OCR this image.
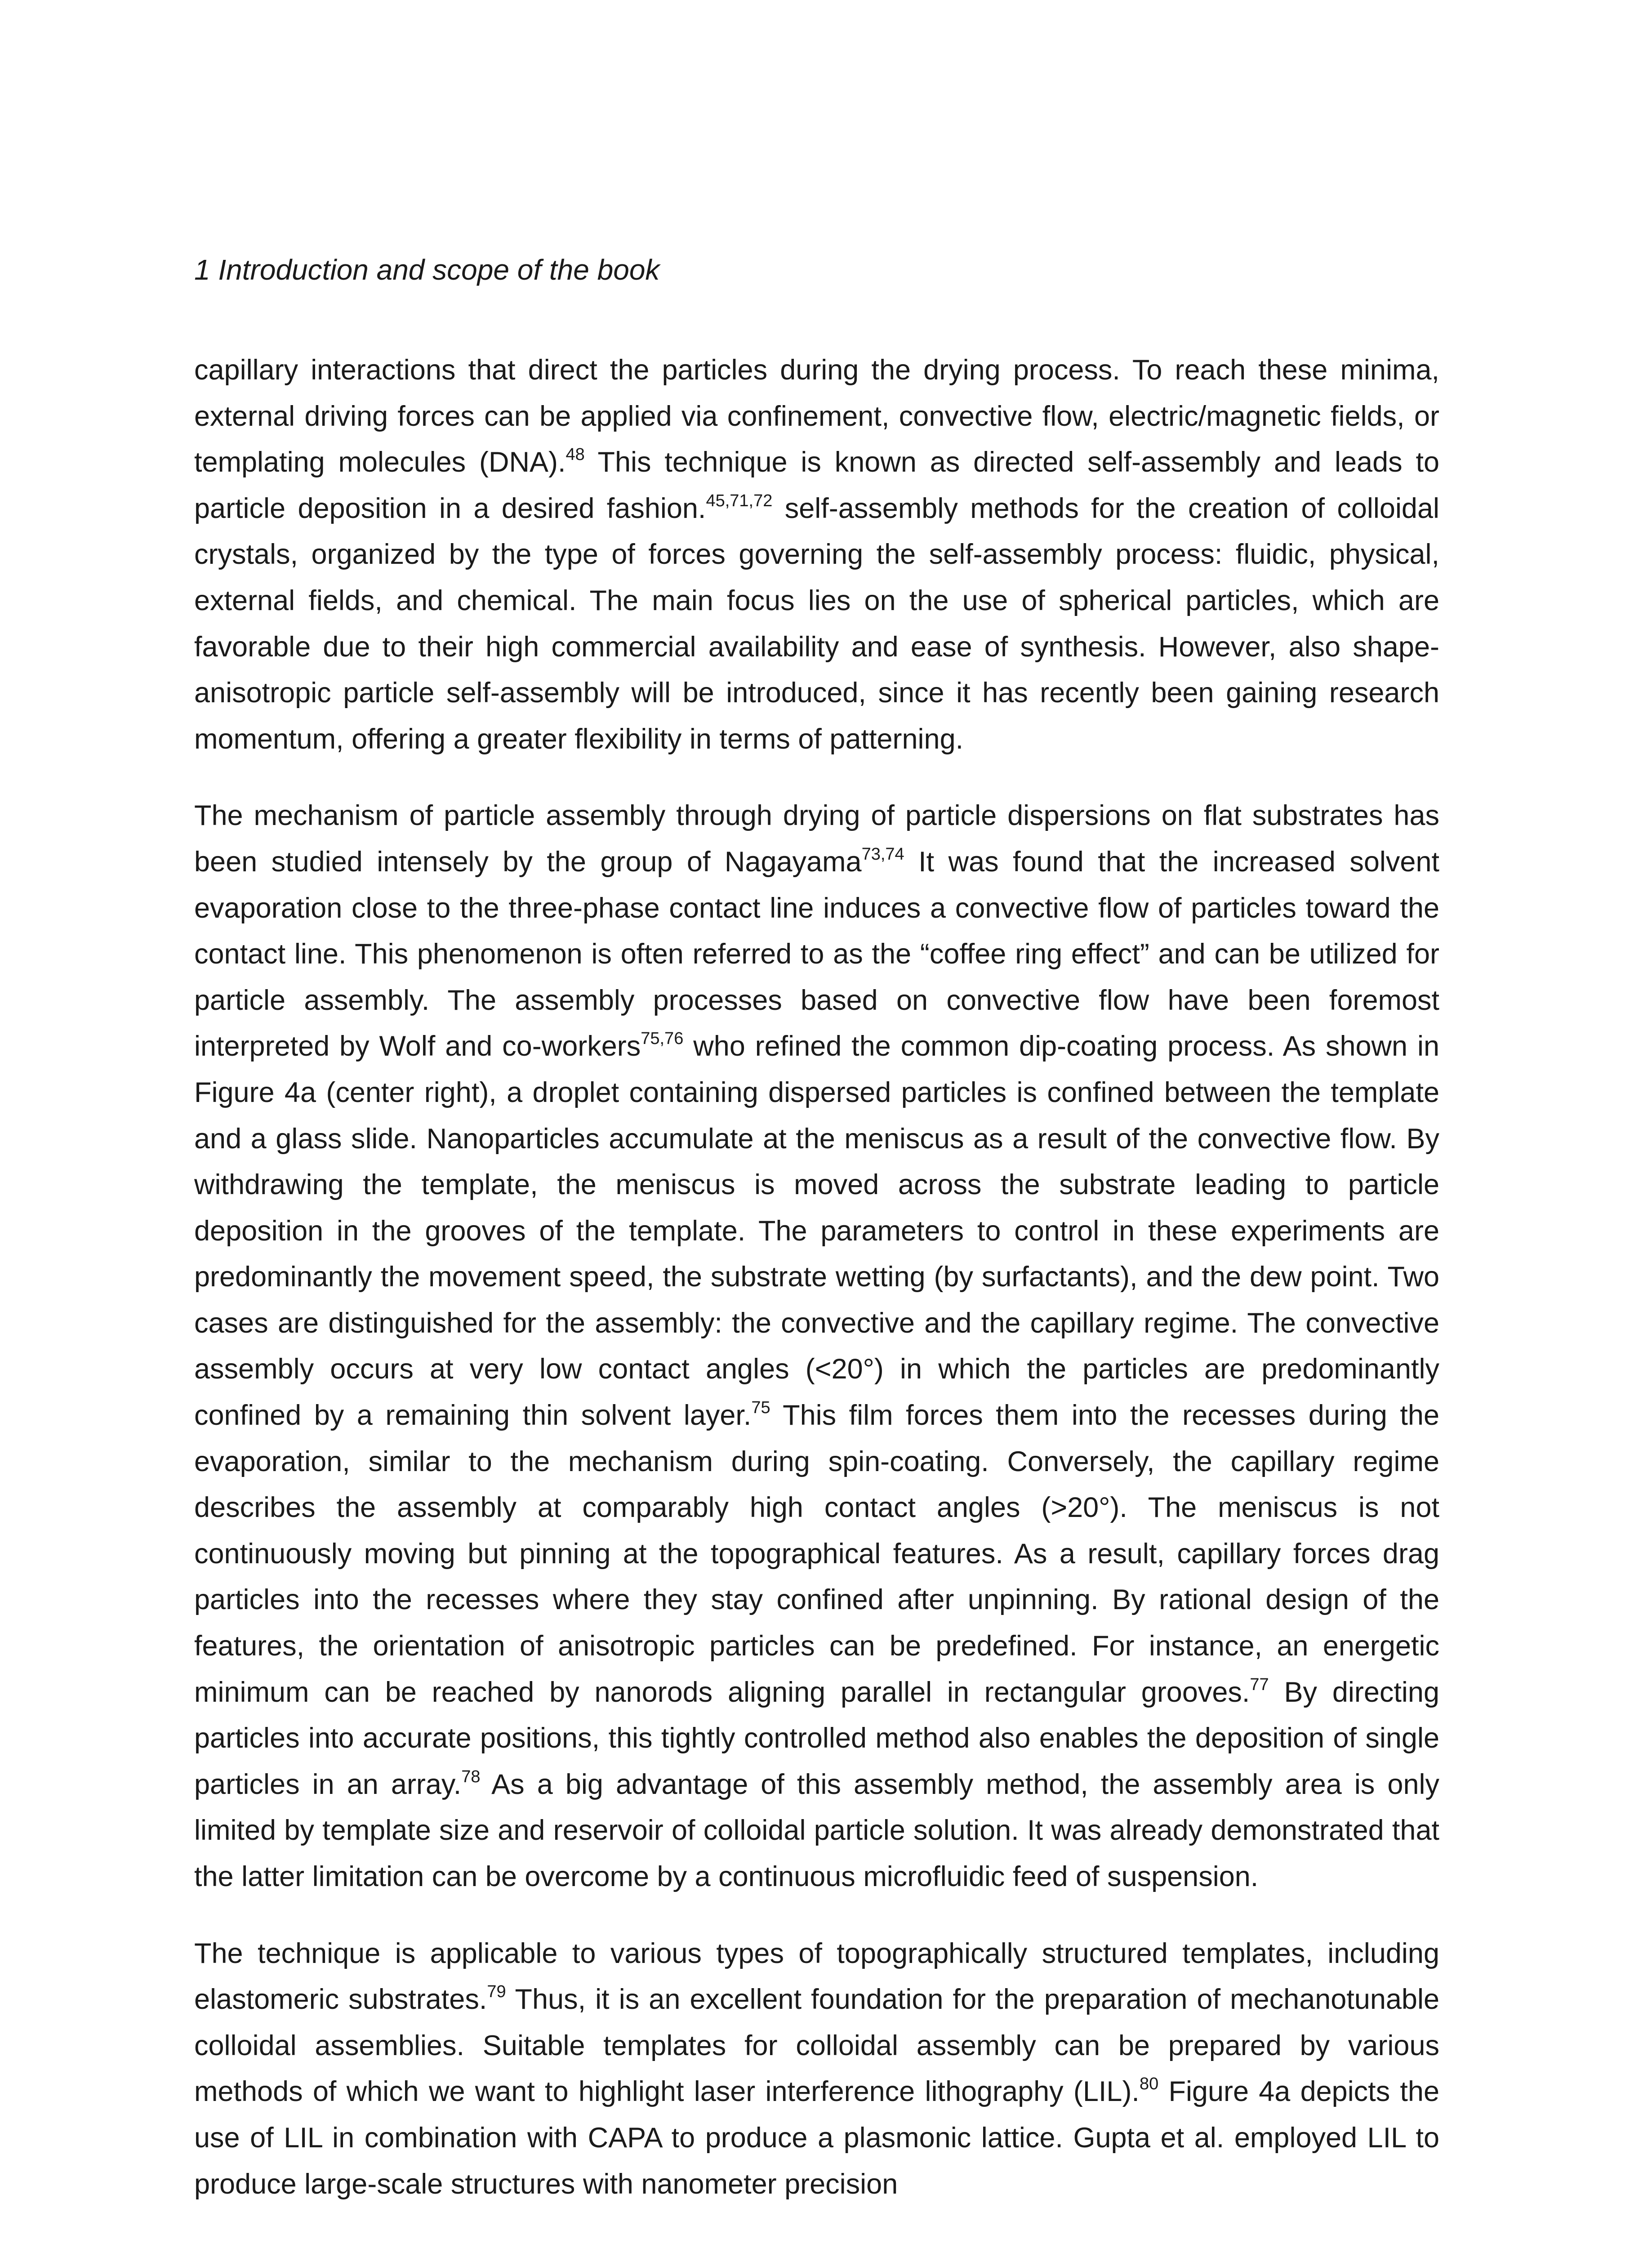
1 Introduction and scope of the book

capillary interactions that direct the particles during the drying process. To reach these minima, external driving forces can be applied via confinement, convective flow, electric/magnetic fields, or templating molecules (DNA).$^{48}$ This technique is known as directed self-assembly and leads to particle deposition in a desired fashion.$^{45,71,72}$ self-assembly methods for the creation of colloidal crystals, organized by the type of forces governing the self-assembly process: fluidic, physical, external fields, and chemical. The main focus lies on the use of spherical particles, which are favorable due to their high commercial availability and ease of synthesis. However, also shape-anisotropic particle self-assembly will be introduced, since it has recently been gaining research momentum, offering a greater flexibility in terms of patterning.

The mechanism of particle assembly through drying of particle dispersions on flat substrates has been studied intensely by the group of Nagayama$^{73,74}$ It was found that the increased solvent evaporation close to the three-phase contact line induces a convective flow of particles toward the contact line. This phenomenon is often referred to as the “coffee ring effect” and can be utilized for particle assembly. The assembly processes based on convective flow have been foremost interpreted by Wolf and co-workers$^{75,76}$ who refined the common dip-coating process. As shown in Figure 4a (center right), a droplet containing dispersed particles is confined between the template and a glass slide. Nanoparticles accumulate at the meniscus as a result of the convective flow. By withdrawing the template, the meniscus is moved across the substrate leading to particle deposition in the grooves of the template. The parameters to control in these experiments are predominantly the movement speed, the substrate wetting (by surfactants), and the dew point. Two cases are distinguished for the assembly: the convective and the capillary regime. The convective assembly occurs at very low contact angles (<20°) in which the particles are predominantly confined by a remaining thin solvent layer.$^{75}$ This film forces them into the recesses during the evaporation, similar to the mechanism during spin-coating. Conversely, the capillary regime describes the assembly at comparably high contact angles (>20°). The meniscus is not continuously moving but pinning at the topographical features. As a result, capillary forces drag particles into the recesses where they stay confined after unpinning. By rational design of the features, the orientation of anisotropic particles can be predefined. For instance, an energetic minimum can be reached by nanorods aligning parallel in rectangular grooves.$^{77}$ By directing particles into accurate positions, this tightly controlled method also enables the deposition of single particles in an array.$^{78}$ As a big advantage of this assembly method, the assembly area is only limited by template size and reservoir of colloidal particle solution. It was already demonstrated that the latter limitation can be overcome by a continuous microfluidic feed of suspension.

The technique is applicable to various types of topographically structured templates, including elastomeric substrates.$^{79}$ Thus, it is an excellent foundation for the preparation of mechanotunable colloidal assemblies. Suitable templates for colloidal assembly can be prepared by various methods of which we want to highlight laser interference lithography (LIL).$^{80}$ Figure 4a depicts the use of LIL in combination with CAPA to produce a plasmonic lattice. Gupta et al. employed LIL to produce large-scale structures with nanometer precision
